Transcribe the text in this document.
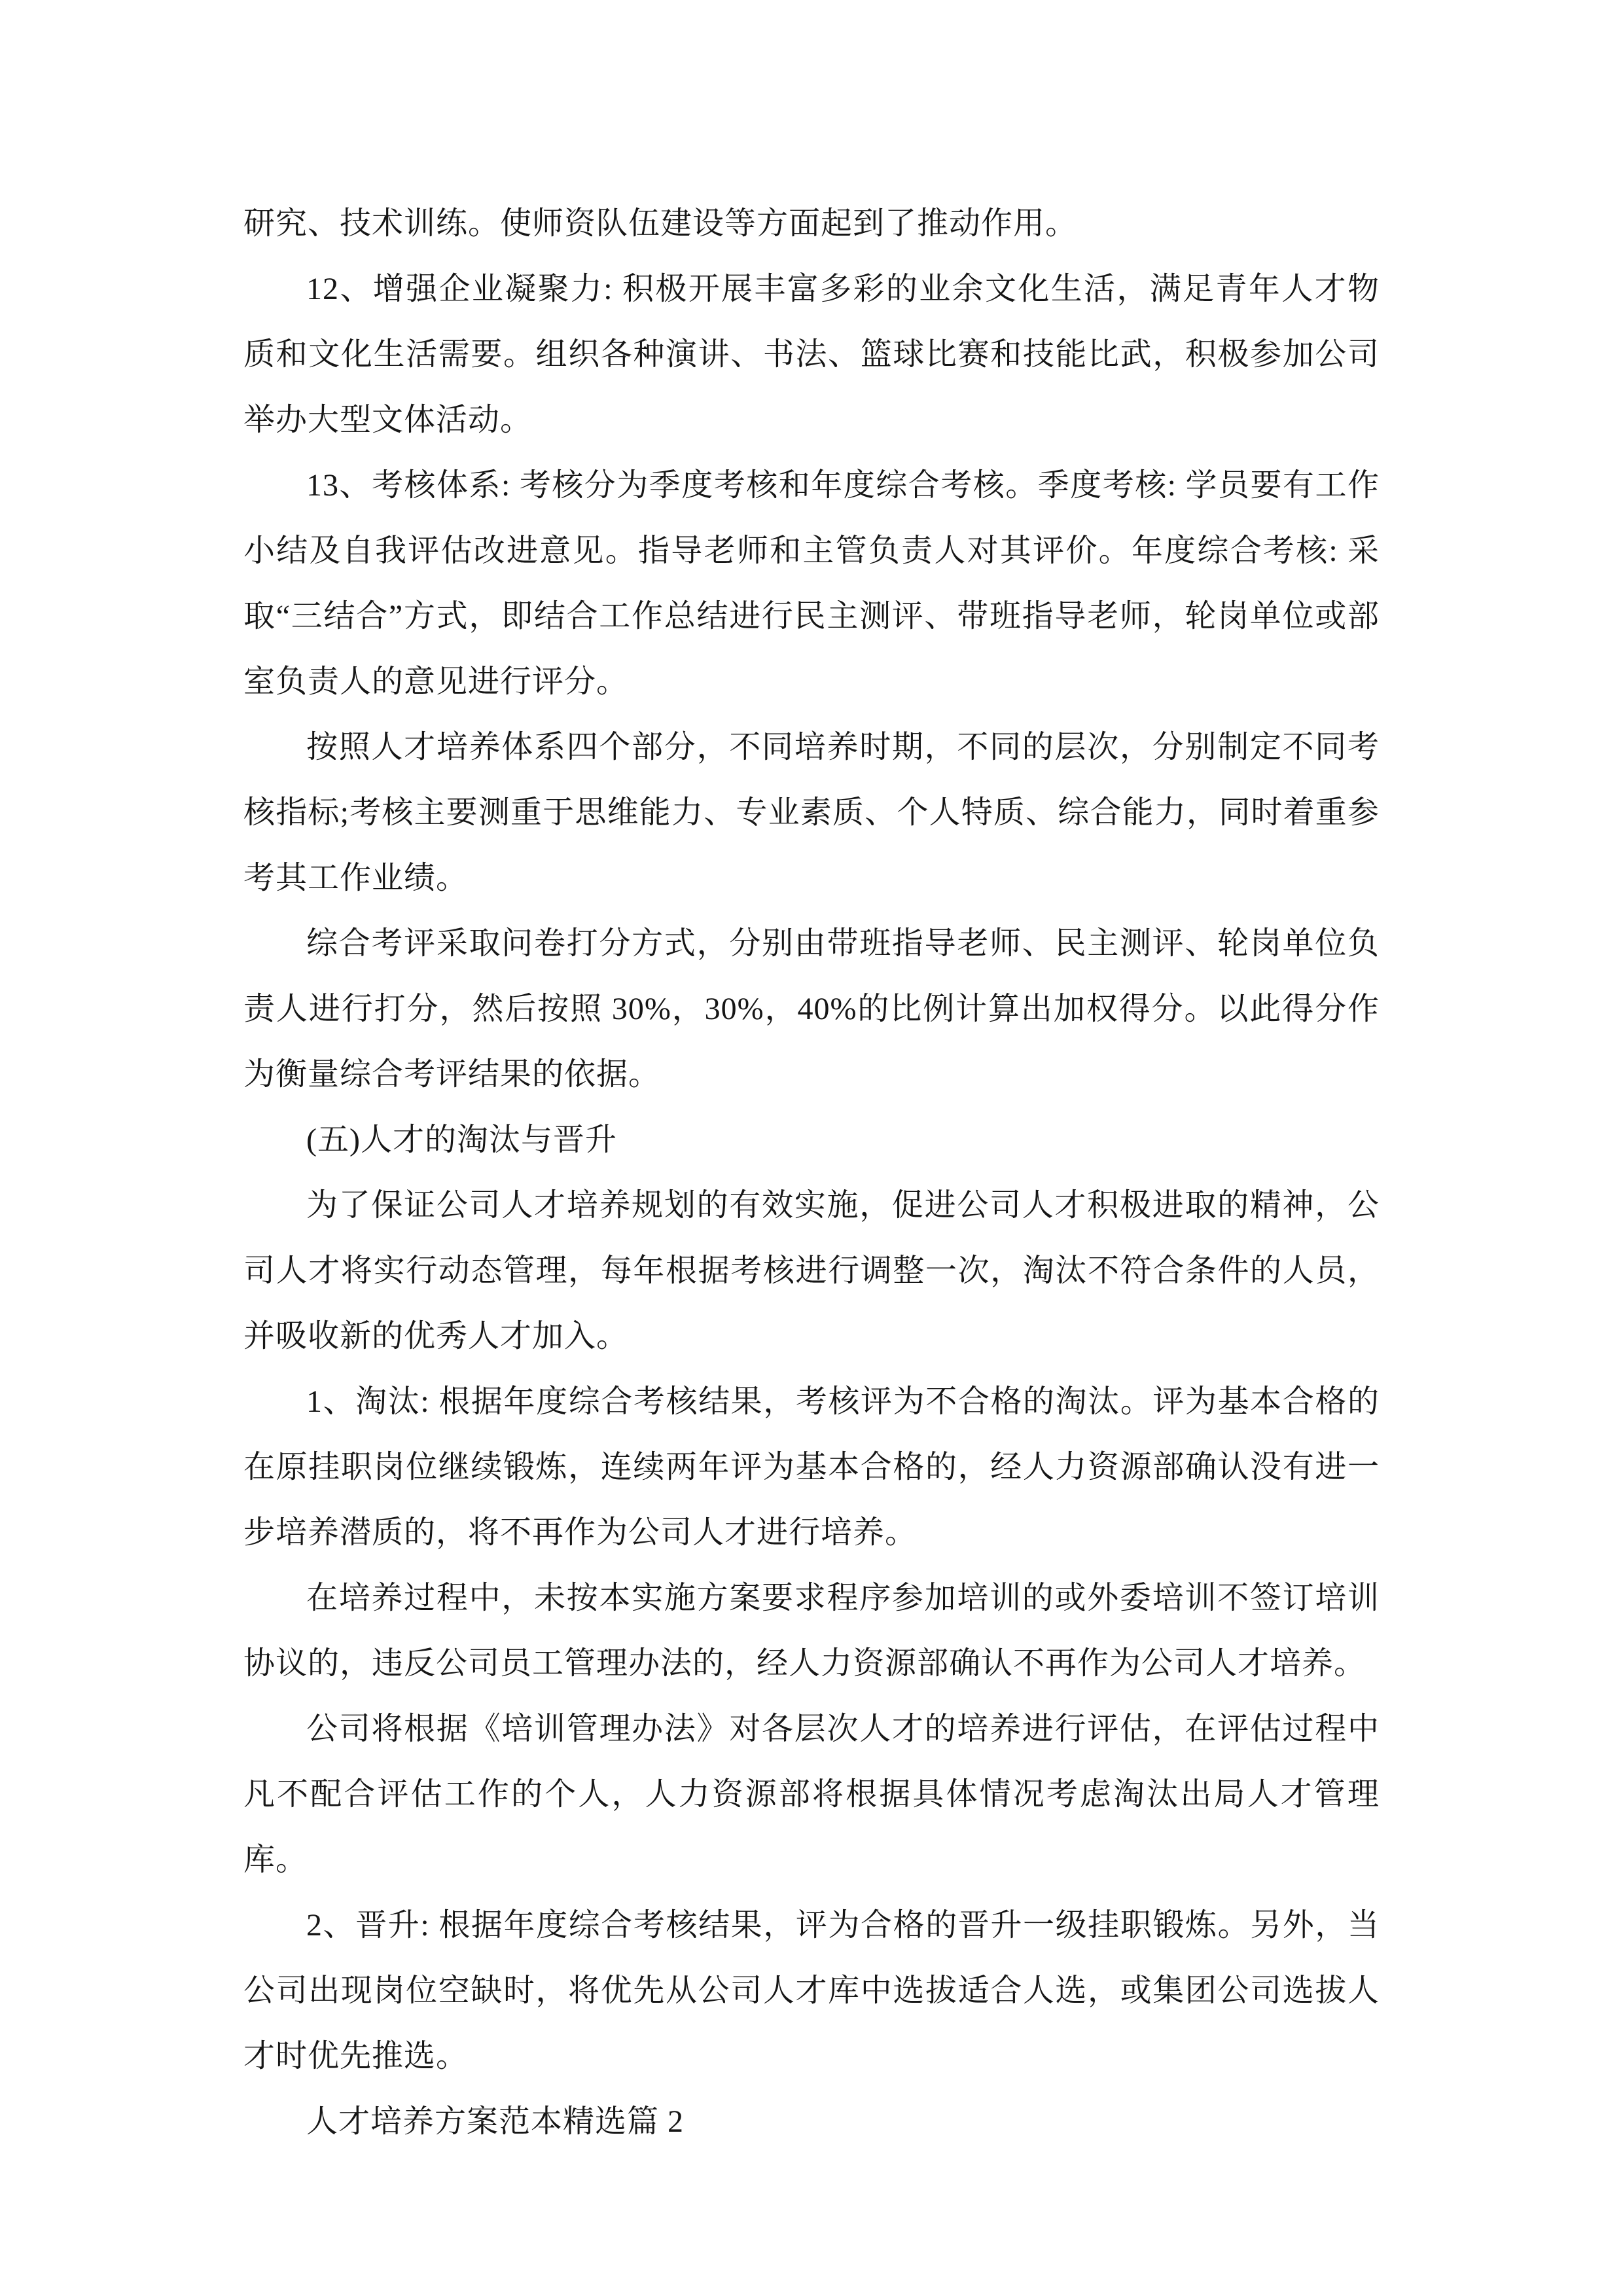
研究、技术训练。使师资队伍建设等方面起到了推动作用。

12、增强企业凝聚力: 积极开展丰富多彩的业余文化生活，满足青年人才物质和文化生活需要。组织各种演讲、书法、篮球比赛和技能比武，积极参加公司举办大型文体活动。

13、考核体系: 考核分为季度考核和年度综合考核。季度考核: 学员要有工作小结及自我评估改进意见。指导老师和主管负责人对其评价。年度综合考核: 采取“三结合”方式，即结合工作总结进行民主测评、带班指导老师，轮岗单位或部室负责人的意见进行评分。

按照人才培养体系四个部分，不同培养时期，不同的层次，分别制定不同考核指标;考核主要测重于思维能力、专业素质、个人特质、综合能力，同时着重参考其工作业绩。

综合考评采取问卷打分方式，分别由带班指导老师、民主测评、轮岗单位负责人进行打分，然后按照 30%，30%，40%的比例计算出加权得分。以此得分作为衡量综合考评结果的依据。

(五)人才的淘汰与晋升

为了保证公司人才培养规划的有效实施，促进公司人才积极进取的精神，公司人才将实行动态管理，每年根据考核进行调整一次，淘汰不符合条件的人员，并吸收新的优秀人才加入。

1、淘汰: 根据年度综合考核结果，考核评为不合格的淘汰。评为基本合格的在原挂职岗位继续锻炼，连续两年评为基本合格的，经人力资源部确认没有进一步培养潜质的，将不再作为公司人才进行培养。

在培养过程中，未按本实施方案要求程序参加培训的或外委培训不签订培训协议的，违反公司员工管理办法的，经人力资源部确认不再作为公司人才培养。

公司将根据《培训管理办法》对各层次人才的培养进行评估，在评估过程中凡不配合评估工作的个人，人力资源部将根据具体情况考虑淘汰出局人才管理库。

2、晋升: 根据年度综合考核结果，评为合格的晋升一级挂职锻炼。另外，当公司出现岗位空缺时，将优先从公司人才库中选拔适合人选，或集团公司选拔人才时优先推选。

人才培养方案范本精选篇 2
